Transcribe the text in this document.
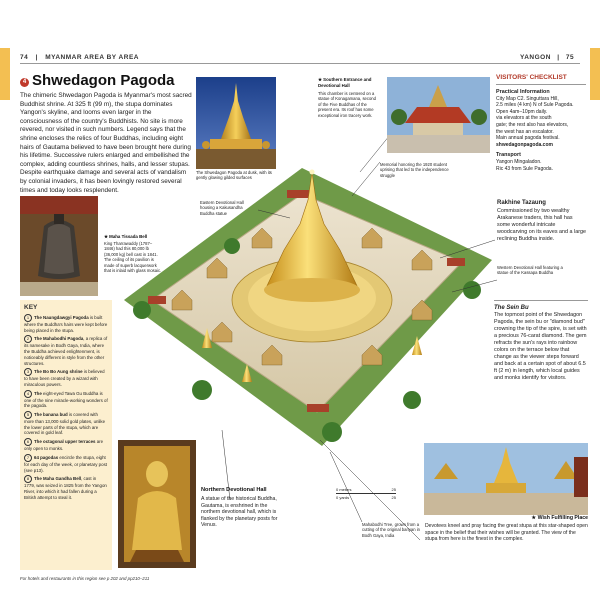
74 | MYANMAR AREA BY AREA	YANGON | 75
4 Shwedagon Pagoda
The chimeric Shwedagon Pagoda is Myanmar's most sacred Buddhist shrine. At 325 ft (99 m), the stupa dominates Yangon's skyline, and looms even larger in the consciousness of the country's Buddhists. No site is more revered, nor visited in such numbers. Legend says that the shrine encloses the relics of four Buddhas, including eight hairs of Gautama believed to have been brought here during his lifetime. Successive rulers enlarged and embellished the complex, adding countless shrines, halls, and lesser stupas. Despite earthquake damage and several acts of vandalism by colonial invaders, it has been lovingly restored several times and today looks resplendent.
The Shwedagon Pagoda at dusk, with its gently glowing gilded surfaces
★ Maha Tissada Bell
King Tharrawaddy (1787–1846) had this 80,000 lb (36,000 kg) bell cast in 1841. The ceiling of its pavilion is made of superb lacquerwork that is inlaid with glass mosaic.
Eastern Devotional Hall housing a Kakusandha Buddha statue
Memorial honoring the 1920 student uprising that led to the independence struggle
Western Devotional Hall featuring a statue of the Kassapa Buddha
Mahabodhi Tree, grown from a cutting of the original banyan in Bodh Gaya, India
★ Southern Entrance and Devotional Hall
This chamber is centered on a statue of Konagamana, second of the Five Buddhas of the present era. Its roof has some exceptional iron tracery work.
VISITORS' CHECKLIST
Practical Information
City Map C2. Singuttara Hill,
2.5 miles (4 km) N of Sule Pagoda.
Open 4am–10pm daily.
via elevators at the south
gate; the rest also has elevators,
the west has an escalator.
Main annual pagoda festival.
shwedagonpagoda.com
Transport
Yangon Mingaladon.
Ric 43 from Sule Pagoda.
Rakhine Tazaung
Commissioned by two wealthy Arakanese traders, this hall has some wonderful intricate woodcarving on its eaves and a large reclining Buddha inside.
The Sein Bu
The topmost point of the Shwedagon Pagoda, the sein bu or "diamond bud" crowning the tip of the spire, is set with a precious 76-carat diamond. The gem refracts the sun's rays into rainbow colors on the terrace below that change as the viewer steps forward and back at a certain spot of about 6.5 ft (2 m) in length, which local guides and monks identify for visitors.
KEY
1 The Naungdawgyi Pagoda is built where the Buddha's hairs were kept before being placed in the stupa.
2 The Mahabodhi Pagoda, a replica of its namesake in Bodh Gaya, India, where the Buddha achieved enlightenment, is noticeably different in style from the other structures.
3 The Bo Bo Aung shrine is believed to have been created by a wizard with miraculous powers.
4 The eight-eyed Tawa Gu Buddha is one of the nine miracle-working wonders of the pagoda.
5 The banana bud is covered with more than 13,000 solid gold plates, unlike the lower parts of the stupa, which are covered in gold leaf.
6 The octagonal upper terraces are only open to monks.
7 64 pagodas encircle the stupa, eight for each day of the week, or planetary post (see p13).
8 The Maha Gandha Bell, cast in 1779, was seized in 1825 from the Yangon River, into which it had fallen during a British attempt to steal it.
Northern Devotional Hall
A statue of the historical Buddha, Gautama, is enshrined in the northern devotional hall, which is flanked by the planetary posts for Venus.
0 meters	25
0 yards	25
★ Wish Fulfilling Place
Devotees kneel and pray facing the great stupa at this star-shaped open space in the belief that their wishes will be granted. The view of the stupa from here is the finest in the complex.
For hotels and restaurants in this region see p 202 and pp210–211
